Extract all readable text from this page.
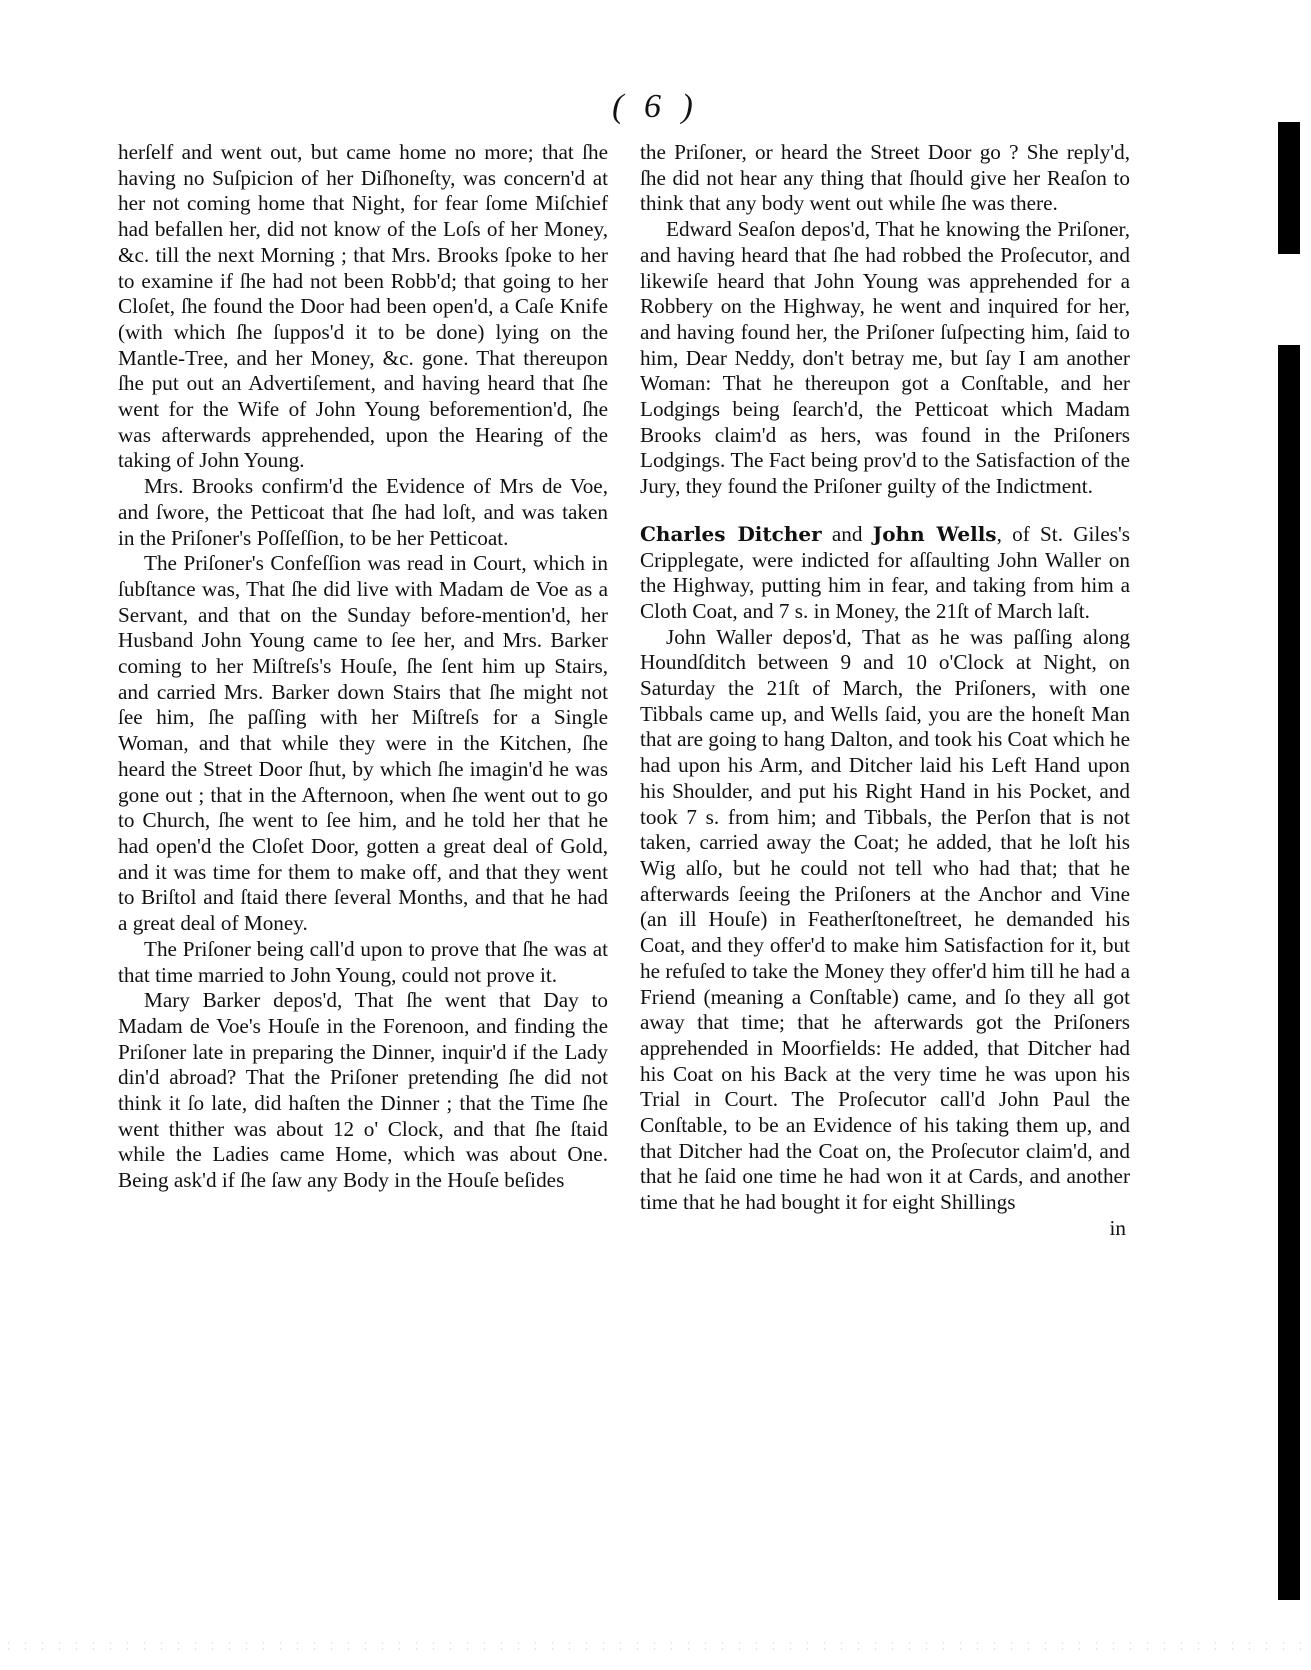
( 6 )

herſelf and went out, but came home no more; that ſhe having no Suſpicion of her Diſhoneſty, was concern'd at her not coming home that Night, for fear ſome Miſchief had befallen her, did not know of the Loſs of her Money, &c. till the next Morning ; that Mrs. Brooks ſpoke to her to examine if ſhe had not been Robb'd; that going to her Cloſet, ſhe found the Door had been open'd, a Caſe Knife (with which ſhe ſuppos'd it to be done) lying on the Mantle-Tree, and her Money, &c. gone. That thereupon ſhe put out an Advertiſement, and having heard that ſhe went for the Wife of John Young beforemention'd, ſhe was afterwards apprehended, upon the Hearing of the taking of John Young.

Mrs. Brooks confirm'd the Evidence of Mrs de Voe, and ſwore, the Petticoat that ſhe had loſt, and was taken in the Priſoner's Poſſeſſion, to be her Petticoat.

The Priſoner's Confeſſion was read in Court, which in ſubſtance was, That ſhe did live with Madam de Voe as a Servant, and that on the Sunday before-mention'd, her Husband John Young came to ſee her, and Mrs. Barker coming to her Miſtreſs's Houſe, ſhe ſent him up Stairs, and carried Mrs. Barker down Stairs that ſhe might not ſee him, ſhe paſſing with her Miſtreſs for a Single Woman, and that while they were in the Kitchen, ſhe heard the Street Door ſhut, by which ſhe imagin'd he was gone out ; that in the Afternoon, when ſhe went out to go to Church, ſhe went to ſee him, and he told her that he had open'd the Cloſet Door, gotten a great deal of Gold, and it was time for them to make off, and that they went to Briſtol and ſtaid there ſeveral Months, and that he had a great deal of Money.

The Priſoner being call'd upon to prove that ſhe was at that time married to John Young, could not prove it.

Mary Barker depos'd, That ſhe went that Day to Madam de Voe's Houſe in the Forenoon, and finding the Priſoner late in preparing the Dinner, inquir'd if the Lady din'd abroad? That the Priſoner pretending ſhe did not think it ſo late, did haſten the Dinner ; that the Time ſhe went thither was about 12 o' Clock, and that ſhe ſtaid while the Ladies came Home, which was about One. Being ask'd if ſhe ſaw any Body in the Houſe beſides

the Priſoner, or heard the Street Door go ? She reply'd, ſhe did not hear any thing that ſhould give her Reaſon to think that any body went out while ſhe was there.

Edward Seaſon depos'd, That he knowing the Priſoner, and having heard that ſhe had robbed the Proſecutor, and likewiſe heard that John Young was apprehended for a Robbery on the Highway, he went and inquired for her, and having found her, the Priſoner ſuſpecting him, ſaid to him, Dear Neddy, don't betray me, but ſay I am another Woman: That he thereupon got a Conſtable, and her Lodgings being ſearch'd, the Petticoat which Madam Brooks claim'd as hers, was found in the Priſoners Lodgings. The Fact being prov'd to the Satisfaction of the Jury, they found the Priſoner guilty of the Indictment.

Charles Ditcher and John Wells, of St. Giles's Cripplegate, were indicted for aſſaulting John Waller on the Highway, putting him in fear, and taking from him a Cloth Coat, and 7 s. in Money, the 21ſt of March laſt.

John Waller depos'd, That as he was paſſing along Houndſditch between 9 and 10 o'Clock at Night, on Saturday the 21ſt of March, the Priſoners, with one Tibbals came up, and Wells ſaid, you are the honeſt Man that are going to hang Dalton, and took his Coat which he had upon his Arm, and Ditcher laid his Left Hand upon his Shoulder, and put his Right Hand in his Pocket, and took 7 s. from him; and Tibbals, the Perſon that is not taken, carried away the Coat; he added, that he loſt his Wig alſo, but he could not tell who had that; that he afterwards ſeeing the Priſoners at the Anchor and Vine (an ill Houſe) in Featherſtoneſtreet, he demanded his Coat, and they offer'd to make him Satisfaction for it, but he refuſed to take the Money they offer'd him till he had a Friend (meaning a Conſtable) came, and ſo they all got away that time; that he afterwards got the Priſoners apprehended in Moorfields: He added, that Ditcher had his Coat on his Back at the very time he was upon his Trial in Court. The Proſecutor call'd John Paul the Conſtable, to be an Evidence of his taking them up, and that Ditcher had the Coat on, the Proſecutor claim'd, and that he ſaid one time he had won it at Cards, and another time that he had bought it for eight Shillings

in
